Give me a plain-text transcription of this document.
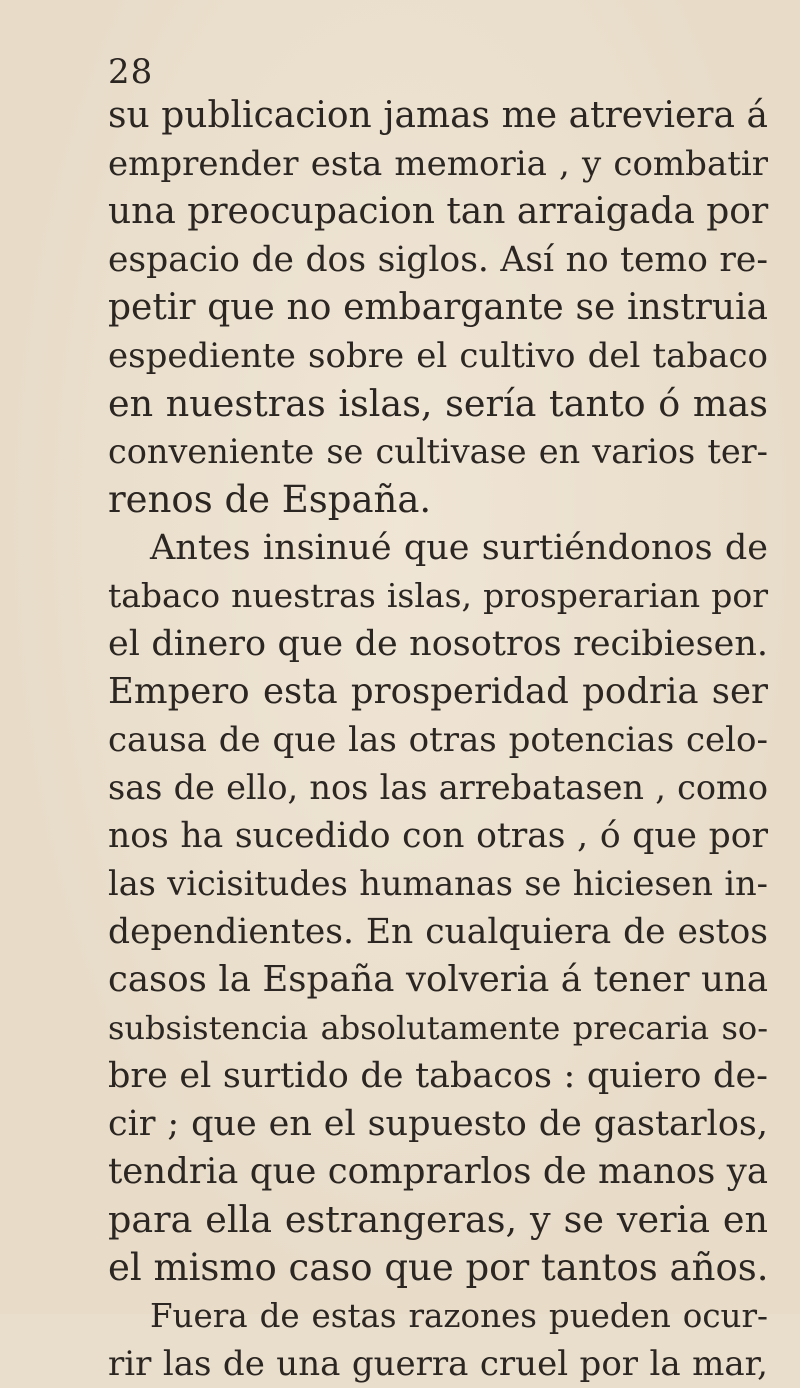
28
su publicacion jamas me atreviera á
emprender esta memoria , y combatir
una preocupacion tan arraigada por
espacio de dos siglos. Así no temo re-
petir que no embargante se instruia
espediente sobre el cultivo del tabaco
en nuestras islas, sería tanto ó mas
conveniente se cultivase en varios ter-
renos de España.
Antes insinué que surtiéndonos de
tabaco nuestras islas, prosperarian por
el dinero que de nosotros recibiesen.
Empero esta prosperidad podria ser
causa de que las otras potencias celo-
sas de ello, nos las arrebatasen , como
nos ha sucedido con otras , ó que por
las vicisitudes humanas se hiciesen in-
dependientes. En cualquiera de estos
casos la España volveria á tener una
subsistencia absolutamente precaria so-
bre el surtido de tabacos : quiero de-
cir ; que en el supuesto de gastarlos,
tendria que comprarlos de manos ya
para ella estrangeras, y se veria en
el mismo caso que por tantos años.
Fuera de estas razones pueden ocur-
rir las de una guerra cruel por la mar,
